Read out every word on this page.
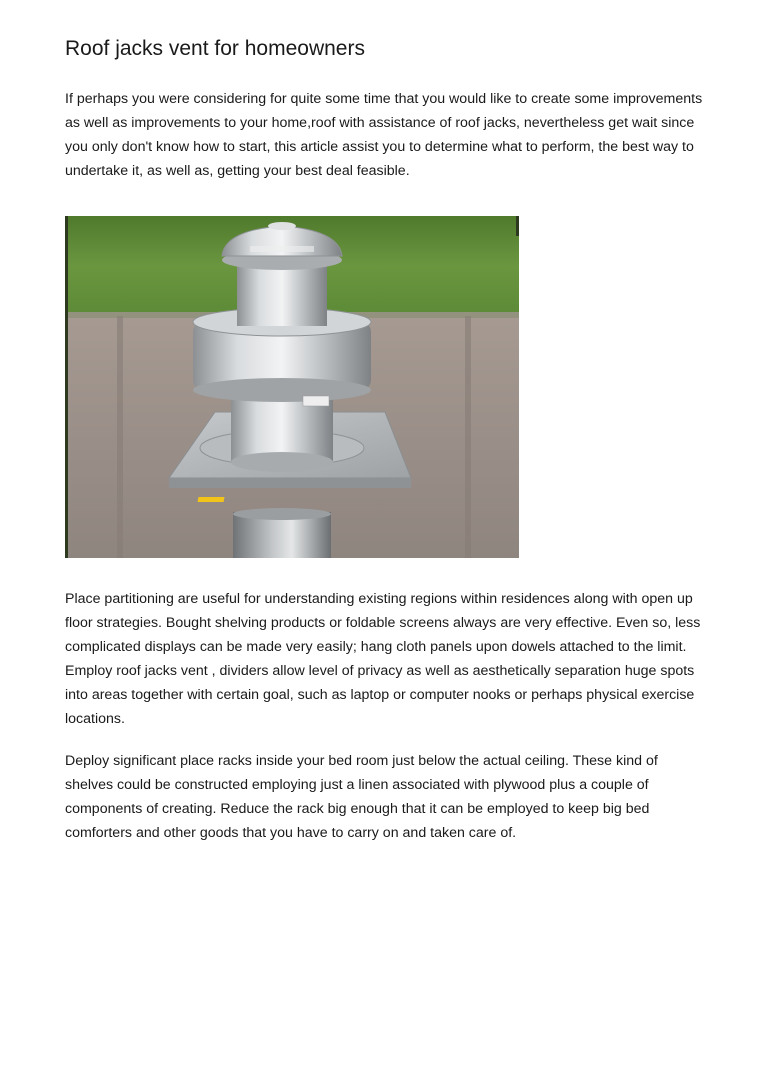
Roof jacks vent for homeowners

If perhaps you were considering for quite some time that you would like to create some improvements as well as improvements to your home,roof with assistance of roof jacks, nevertheless get wait since you only don't know how to start, this article assist you to determine what to perform, the best way to undertake it, as well as, getting your best deal feasible.

Place partitioning are useful for understanding existing regions within residences along with open up floor strategies. Bought shelving products or foldable screens always are very effective. Even so, less complicated displays can be made very easily; hang cloth panels upon dowels attached to the limit. Employ roof jacks vent , dividers allow level of privacy as well as aesthetically separation huge spots into areas together with certain goal, such as laptop or computer nooks or perhaps physical exercise locations.

Deploy significant place racks inside your bed room just below the actual ceiling. These kind of shelves could be constructed employing just a linen associated with plywood plus a couple of components of creating. Reduce the rack big enough that it can be employed to keep big bed comforters and other goods that you have to carry on and taken care of.
